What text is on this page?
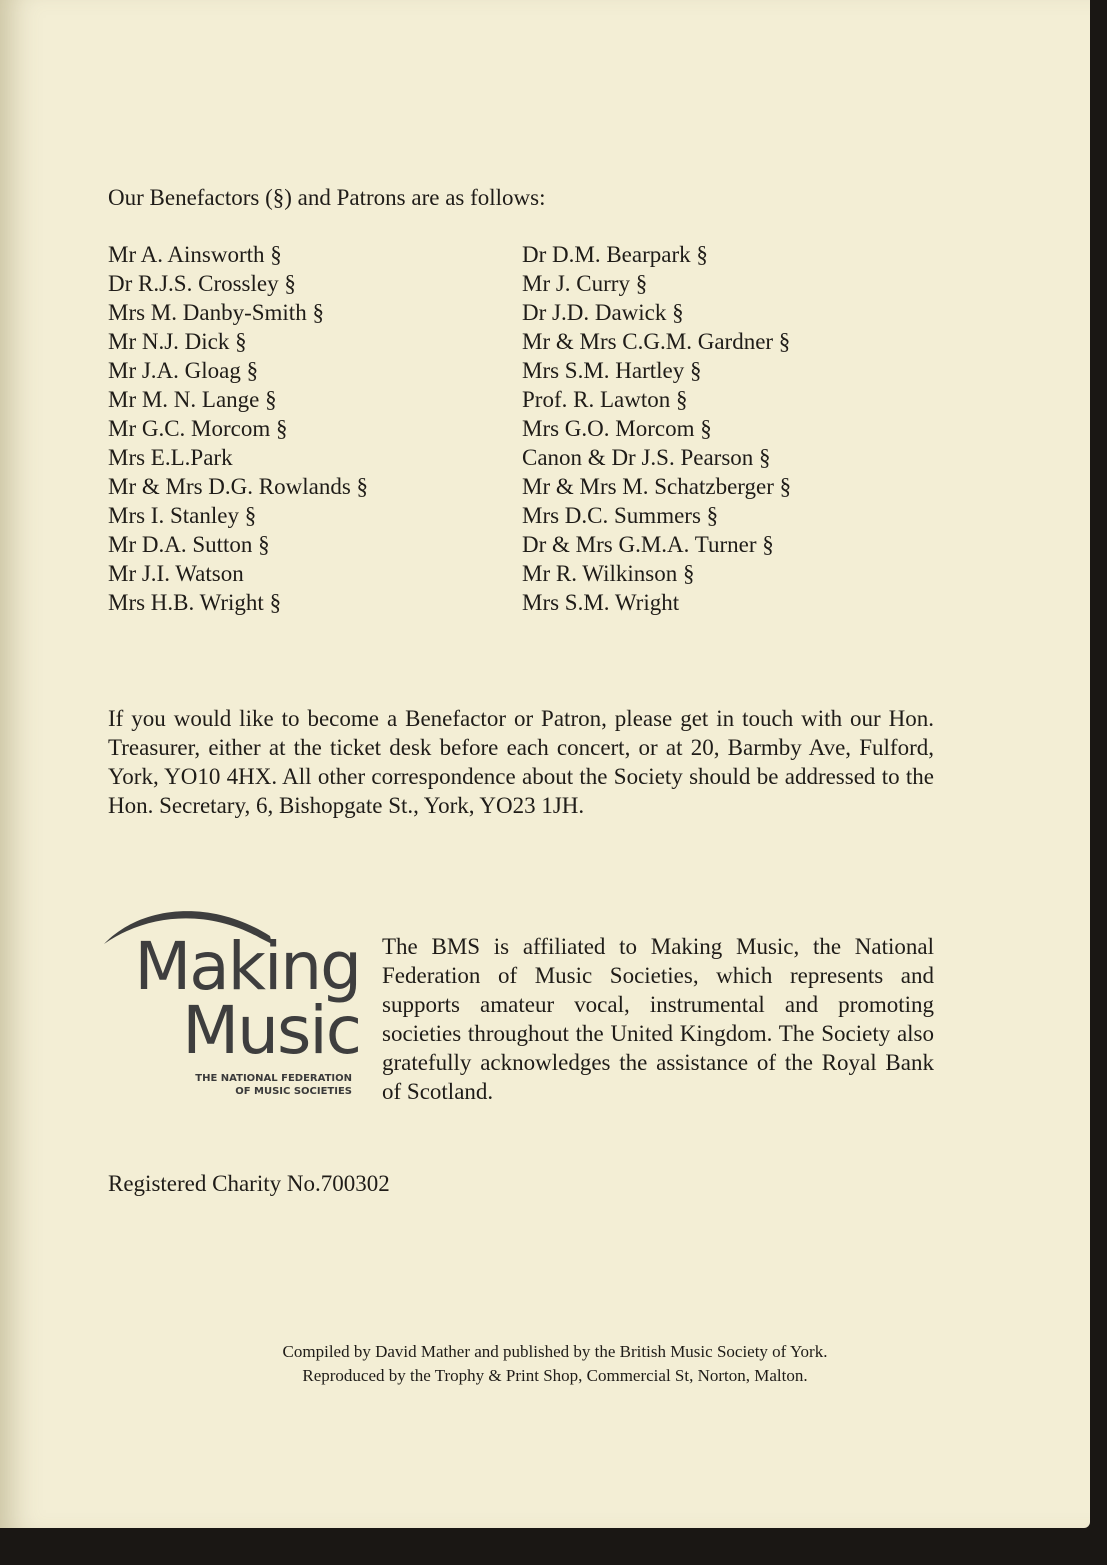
Our Benefactors (§) and Patrons are as follows:

Mr A. Ainsworth §
Dr R.J.S. Crossley §
Mrs M. Danby-Smith §
Mr N.J. Dick §
Mr J.A. Gloag §
Mr M. N. Lange §
Mr G.C. Morcom §
Mrs E.L.Park
Mr & Mrs D.G. Rowlands §
Mrs I. Stanley §
Mr D.A. Sutton §
Mr J.I. Watson
Mrs H.B. Wright §
Dr D.M. Bearpark §
Mr J. Curry §
Dr J.D. Dawick §
Mr & Mrs C.G.M. Gardner §
Mrs S.M. Hartley §
Prof. R. Lawton §
Mrs G.O. Morcom §
Canon & Dr J.S. Pearson §
Mr & Mrs M. Schatzberger §
Mrs D.C. Summers §
Dr & Mrs G.M.A. Turner §
Mr R. Wilkinson §
Mrs S.M. Wright

If you would like to become a Benefactor or Patron, please get in touch with our Hon. Treasurer, either at the ticket desk before each concert, or at 20, Barmby Ave, Fulford, York, YO10 4HX. All other correspondence about the Society should be addressed to the Hon. Secretary, 6, Bishopgate St., York, YO23 1JH.

Making

Music

THE NATIONAL FEDERATION

OF MUSIC SOCIETIES

The BMS is affiliated to Making Music, the National Federation of Music Societies, which represents and supports amateur vocal, instrumental and promoting societies throughout the United Kingdom. The Society also gratefully acknowledges the assistance of the Royal Bank of Scotland.

Registered Charity No.700302

Compiled by David Mather and published by the British Music Society of York.
Reproduced by the Trophy & Print Shop, Commercial St, Norton, Malton.
